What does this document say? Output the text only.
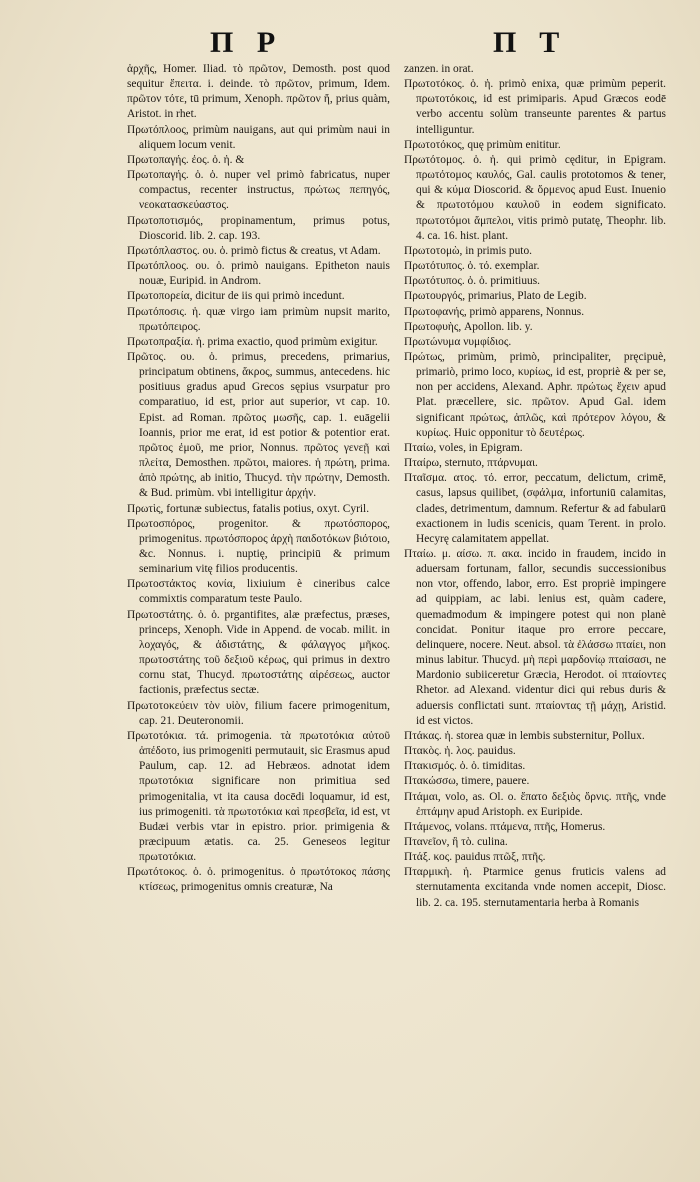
Π Ρ	Π Τ

ἀρχῆς, Homer. Iliad. τὸ πρῶτον, Demosth. post quod sequitur ἔπειτα. i. deinde. τὸ πρῶτον, primum, Idem. πρῶτον τότε, tū primum, Xenoph. πρῶτον ἤ, prius quàm, Aristot. in rhet.

Πρωτόπλοος, primùm nauigans, aut qui primùm naui in aliquem locum venit.

Πρωτοπαγής. ἐος. ὁ. ἡ. &

Πρωτοπαγής. ὁ. ὁ. nuper vel primò fabricatus, nuper compactus, recenter instructus, πρώτως πεπηγός, νεοκατασκεύαστος.

Πρωτοποτισμός, propinamentum, primus potus, Dioscorid. lib. 2. cap. 193.

Πρωτόπλαστος. ου. ὁ. primò fictus & creatus, vt Adam.

Πρωτόπλοος. ου. ὁ. primò nauigans. Epitheton nauis nouæ, Euripid. in Androm.

Πρωτοπορεία, dicitur de iis qui primò incedunt.

Πρωτόποσις. ἡ. quæ virgo iam primùm nupsit marito, πρωτόπειρος.

Πρωτοπραξία. ἡ. prima exactio, quod primùm exigitur.

Πρῶτος. ου. ὁ. primus, precedens, primarius, principatum obtinens, ἄκρος, summus, antecedens. hic positiuus gradus apud Grecos sępius vsurpatur pro comparatiuo, id est, prior aut superior, vt cap. 10. Epist. ad Roman. πρῶτος μωσῆς, cap. 1. euāgelii Ioannis, prior me erat, id est potior & potentior erat. πρῶτος ἐμοῦ, me prior, Nonnus. πρῶτος γενεῇ καὶ πλείτα, Demosthen. πρῶτοι, maiores. ἡ πρώτη, prima. ἀπὸ πρώτης, ab initio, Thucyd. τὴν πρώτην, Demosth. & Bud. primùm. vbi intelligitur ἀρχήν.

Πρωτὶς, fortunæ subiectus, fatalis potius, oxyt. Cyril.

Πρωτοσπόρος, progenitor. & πρωτόσπορος, primogenitus. πρωτόσπορος ἀρχὴ παιδοτόκων βιότοιο, &c. Nonnus. i. nuptię, principiū & primum seminarium vitę filios producentis.

Πρωτοστάκτος κονία, lixiuium è cineribus calce commixtis comparatum teste Paulo.

Πρωτοστάτης. ὁ. ὁ. prgantifites, alæ præfectus, præses, princeps, Xenoph. Vide in Append. de vocab. milit. in λοχαγός, & ἀδιστάτης, & φάλαγγος μῆκος. πρωτοστάτης τοῦ δεξιοῦ κέρως, qui primus in dextro cornu stat, Thucyd. πρωτοστάτης αἱρέσεως, auctor factionis, præfectus sectæ.

Πρωτοτοκεύειν τὸν υἱὸν, filium facere primogenitum, cap. 21. Deuteronomii.

Πρωτοτόκια. τά. primogenia. τὰ πρωτοτόκια αὐτοῦ ἀπέδοτο, ius primogeniti permutauit, sic Erasmus apud Paulum, cap. 12. ad Hebræos. adnotat idem πρωτοτόκια significare non primitiua sed primogenitalia, vt ita causa docēdi loquamur, id est, ius primogeniti. τὰ πρωτοτόκια καὶ πρεσβεῖα, id est, vt Budæi verbis vtar in epistro. prior. primigenia & præcipuum ætatis. ca. 25. Geneseos legitur πρωτοτόκια.

Πρωτότοκος. ὁ. ὁ. primogenitus. ὁ πρωτότοκος πάσης κτίσεως, primogenitus omnis creaturæ, Na

zanzen. in orat.

Πρωτοτόκος. ὁ. ἡ. primò enixa, quæ primùm peperit. πρωτοτόκοις, id est primiparis. Apud Græcos eodē verbo accentu solùm transeunte parentes & partus intelliguntur.

Πρωτοτόκος, quę primùm enititur.

Πρωτότομος. ὁ. ἡ. qui primò cęditur, in Epigram. πρωτότομος καυλός, Gal. caulis prototomos & tener, qui & κύμα Dioscorid. & ὄρμενος apud Eust. Inuenio & πρωτοτόμου καυλοῦ in eodem significato. πρωτοτόμοι ἄμπελοι, vitis primò putatę, Theophr. lib. 4. ca. 16. hist. plant.

Πρωτοτομὼ, in primis puto.

Πρωτότυπος. ὁ. τό. exemplar.

Πρωτότυπος. ὁ. ὁ. primitiuus.

Πρωτουργός, primarius, Plato de Legib.

Πρωτοφανής, primò apparens, Nonnus.

Πρωτοφυὴς, Apollon. lib. y.

Πρωτώνυμα νυμφίδιος.

Πρώτως, primùm, primò, principaliter, pręcipuè, primariò, primo loco, κυρίως, id est, propriè & per se, non per accidens, Alexand. Aphr. πρώτως ἔχειν apud Plat. præcellere, sic. πρῶτον. Apud Gal. idem significant πρώτως, ἁπλῶς, καὶ πρότερον λόγου, & κυρίως. Huic opponitur τὸ δευτέρως.

Πταίω, voles, in Epigram.

Πταίρω, sternuto, πτάρνυμαι.

Πταῖσμα. ατος. τό. error, peccatum, delictum, crimē, casus, lapsus quilibet, (σφάλμα, infortuniū calamitas, clades, detrimentum, damnum. Refertur & ad fabularū exactionem in ludis scenicis, quam Terent. in prolo. Hecyrę calamitatem appellat.

Πταίω. μ. αίσω. π. ακα. incido in fraudem, incido in aduersam fortunam, fallor, secundis successionibus non vtor, offendo, labor, erro. Est propriè impingere ad quippiam, ac labi. lenius est, quàm cadere, quemadmodum & impingere potest qui non planè concidat. Ponitur itaque pro errore peccare, delinquere, nocere. Neut. absol. τὰ ἐλάσσω πταίει, non minus labitur. Thucyd. μὴ περὶ μαρδονίῳ πταίσασι, ne Mardonio subiiceretur Græcia, Herodot. οἱ πταίοντες Rhetor. ad Alexand. videntur dici qui rebus duris & aduersis conflictati sunt. πταίοντας τῇ μάχῃ, Aristid. id est victos.

Πτάκας. ἡ. storea quæ in lembis substernitur, Pollux.

Πτακὸς. ἡ. λος. pauidus.

Πτακισμός. ὁ. ὁ. timiditas.

Πτακώσσω, timere, pauere.

Πτάμαι, volo, as. Ol. ο. ἔπατο δεξιὸς ὄρνις. πτῆς, vnde ἐπτάμην apud Aristoph. ex Euripide.

Πτάμενος, volans. πτάμενα, πτῆς, Homerus.

Πτανεῖον, ἢ τὸ. culina.

Πτάξ. κος. pauidus πτῶξ, πτῆς.

Πταρμικὴ. ἡ. Ptarmice genus fruticis valens ad sternutamenta excitanda vnde nomen accepit, Diosc. lib. 2. ca. 195. sternutamentaria herba à Romanis
